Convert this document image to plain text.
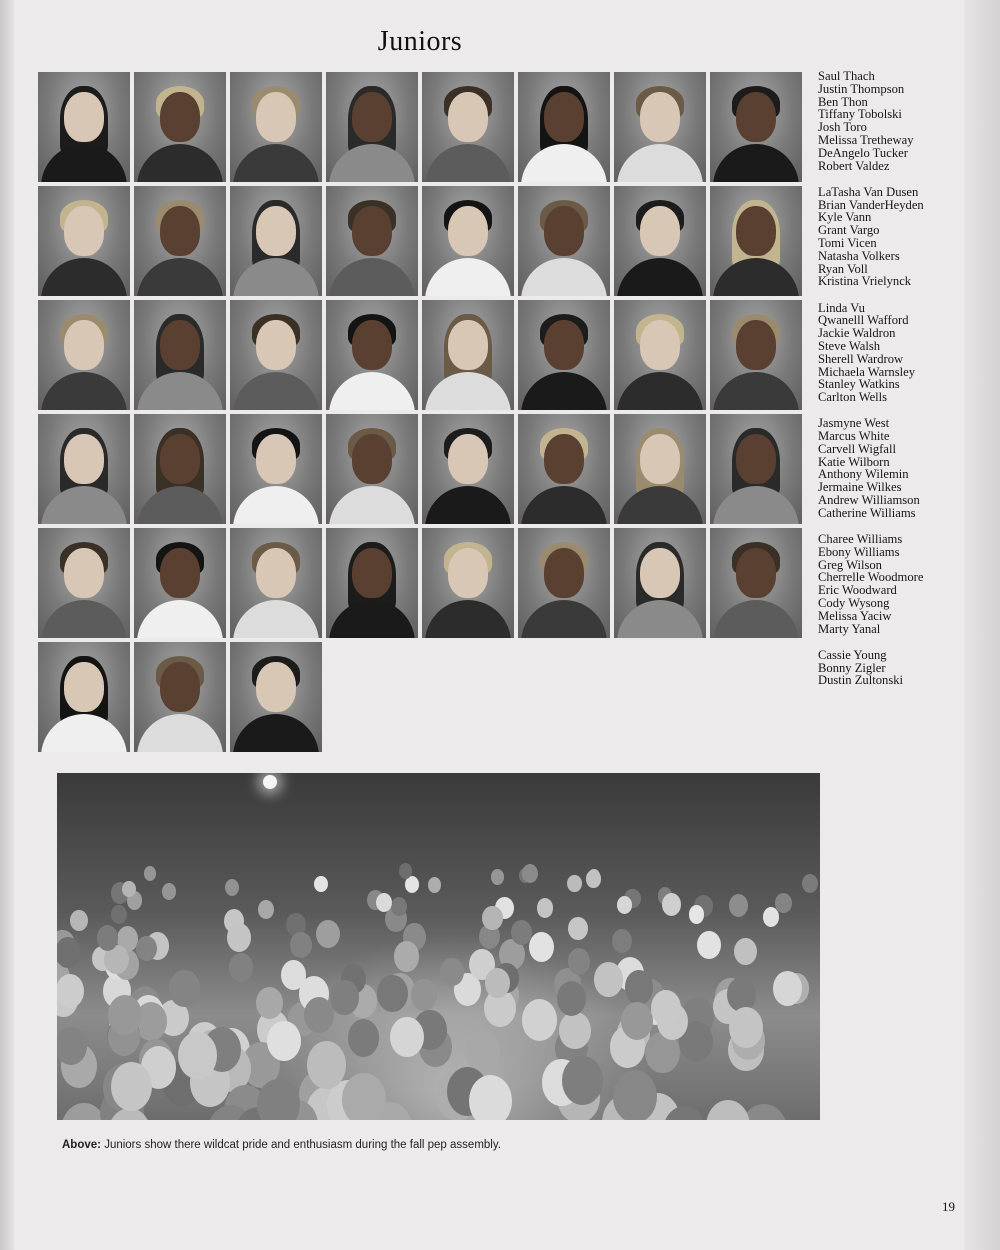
Juniors
Saul Thach
Justin Thompson
Ben Thon
Tiffany Tobolski
Josh Toro
Melissa Tretheway
DeAngelo Tucker
Robert Valdez
LaTasha Van Dusen
Brian VanderHeyden
Kyle Vann
Grant Vargo
Tomi Vicen
Natasha Volkers
Ryan Voll
Kristina Vrielynck
Linda Vu
Qwanelll Wafford
Jackie Waldron
Steve Walsh
Sherell Wardrow
Michaela Warnsley
Stanley Watkins
Carlton Wells
Jasmyne West
Marcus White
Carvell Wigfall
Katie Wilborn
Anthony Wilemin
Jermaine Wilkes
Andrew Williamson
Catherine Williams
Charee Williams
Ebony Williams
Greg Wilson
Cherrelle Woodmore
Eric Woodward
Cody Wysong
Melissa Yaciw
Marty Yanal
Cassie Young
Bonny Zigler
Dustin Zultonski
Above: Juniors show there wildcat pride and enthusiasm during the fall pep assembly.
19
